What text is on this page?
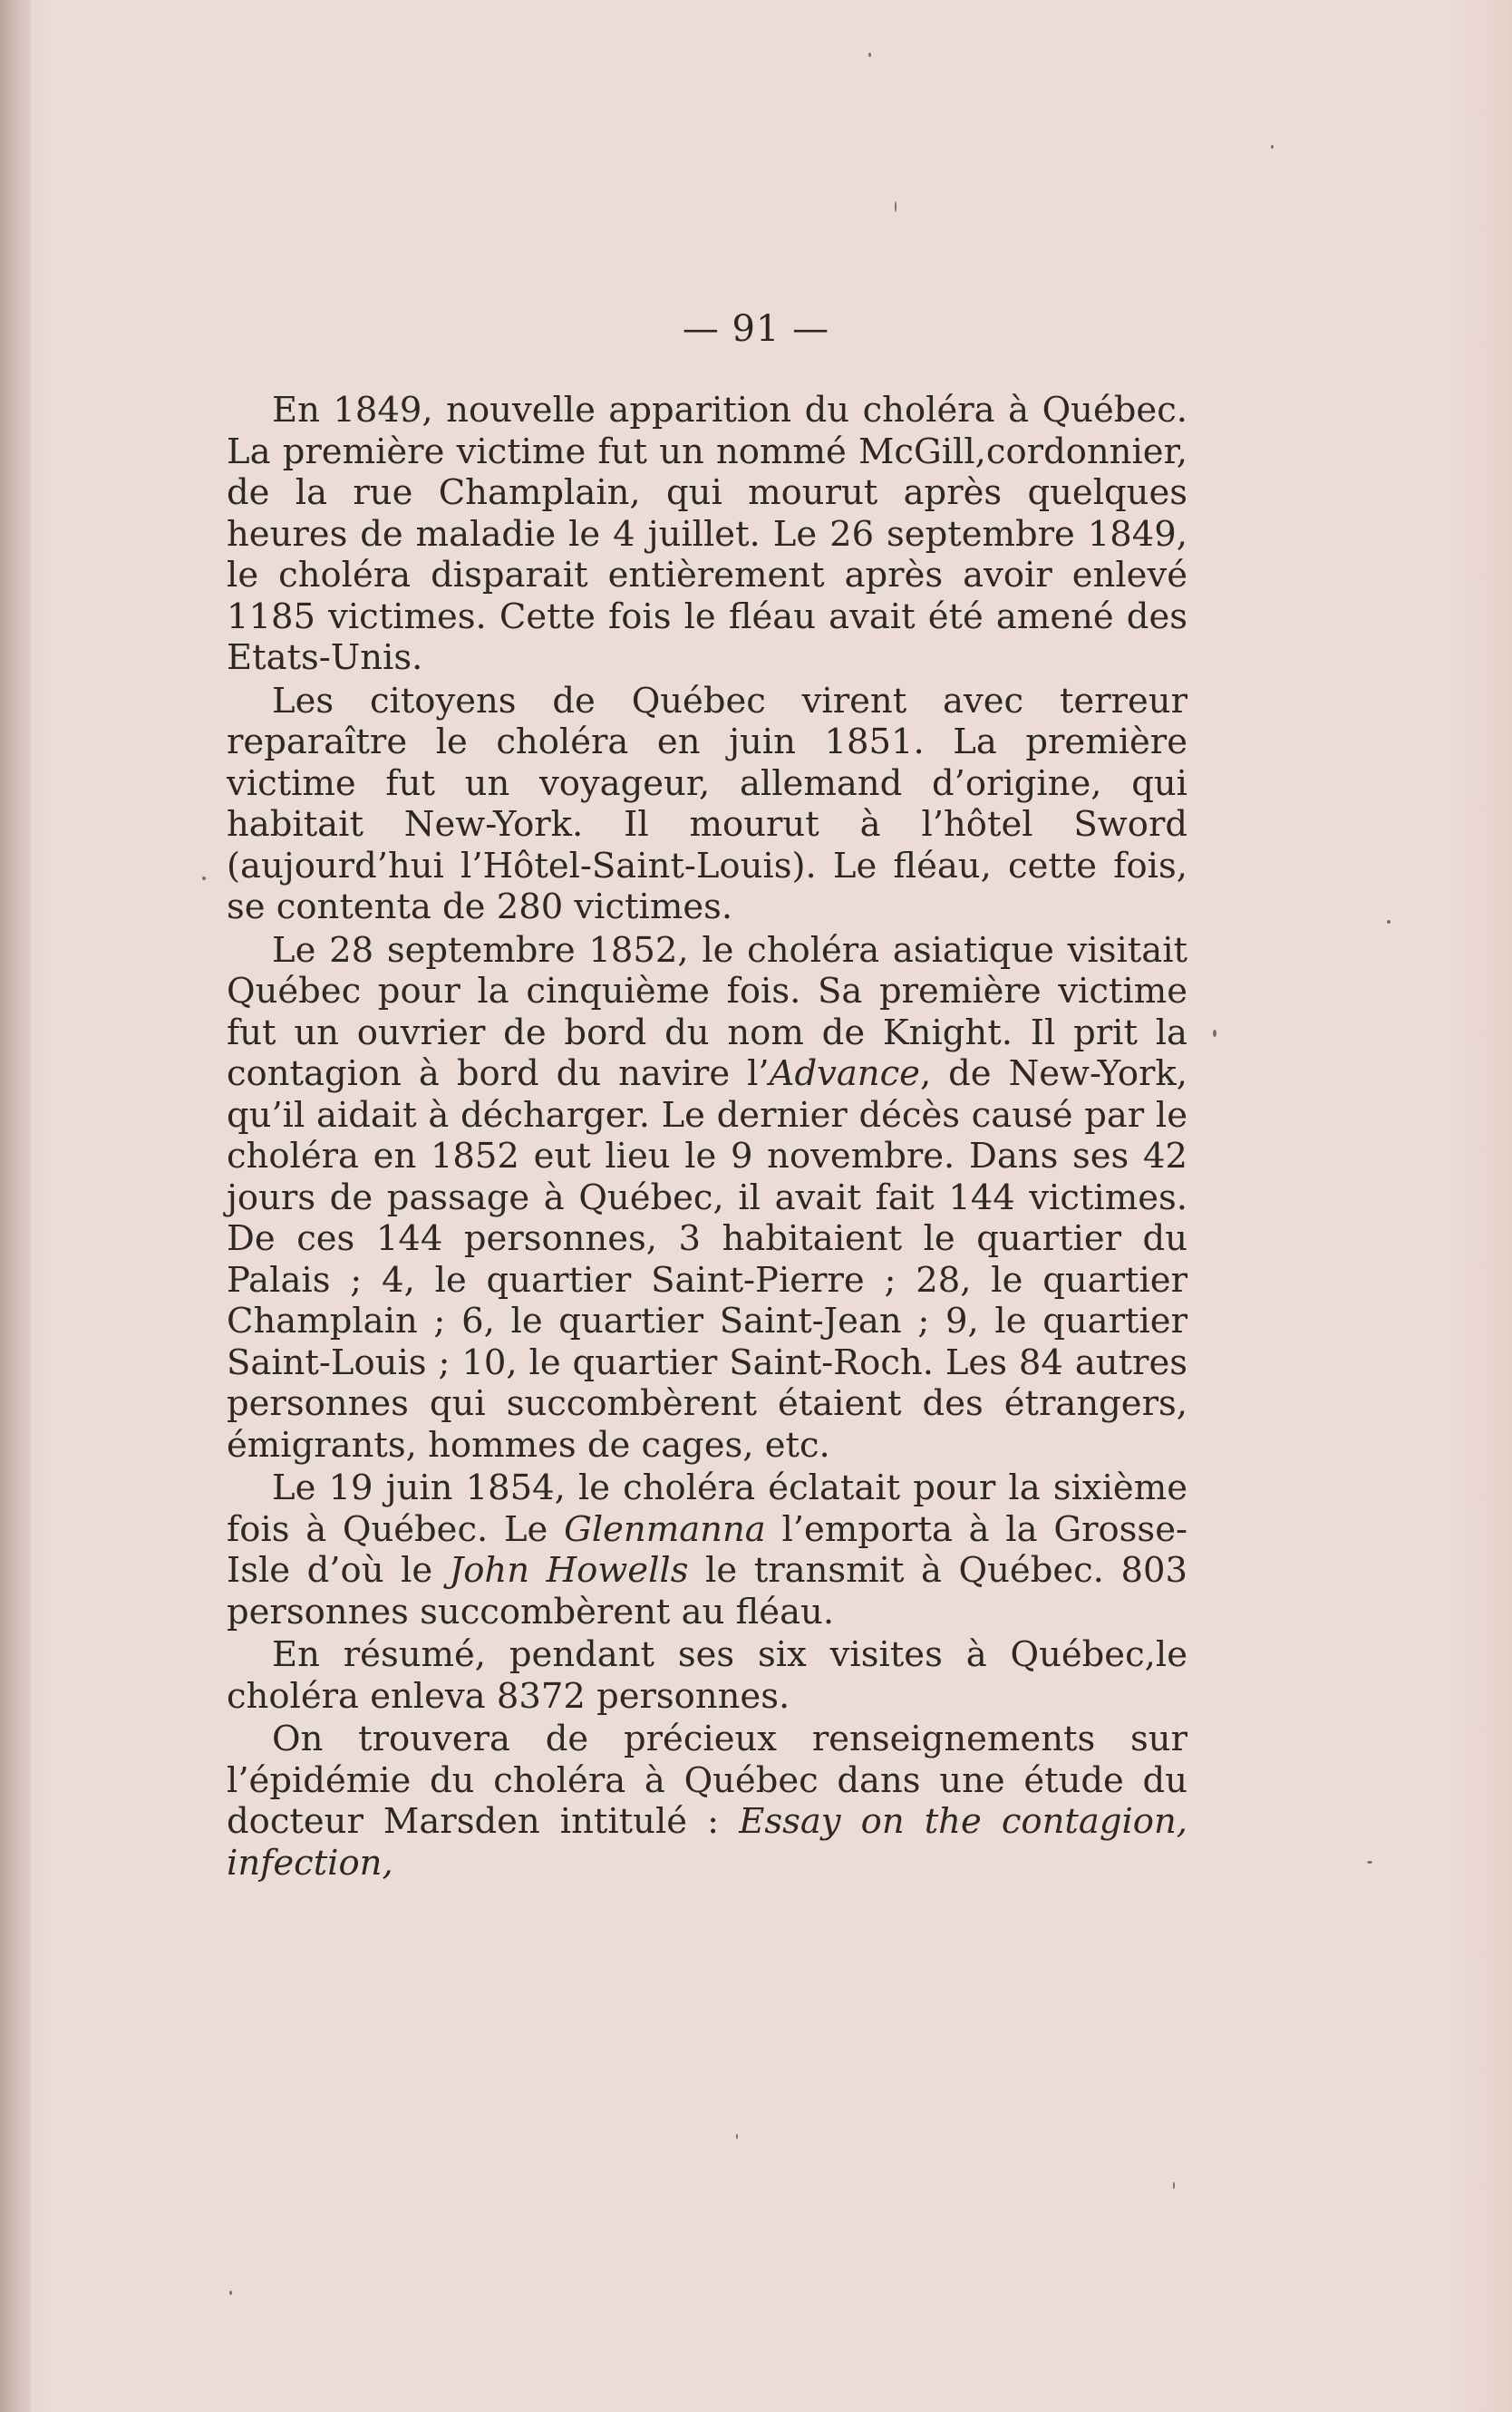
— 91 —

En 1849, nouvelle apparition du choléra à Québec. La première victime fut un nommé McGill,cordonnier, de la rue Champlain, qui mourut après quelques heures de maladie le 4 juillet. Le 26 septembre 1849, le choléra disparait entièrement après avoir enlevé 1185 victimes. Cette fois le fléau avait été amené des Etats-Unis.

Les citoyens de Québec virent avec terreur reparaître le choléra en juin 1851. La première victime fut un voyageur, allemand d’origine, qui habitait New-York. Il mourut à l’hôtel Sword (aujourd’hui l’Hôtel-Saint-Louis). Le fléau, cette fois, se contenta de 280 victimes.

Le 28 septembre 1852, le choléra asiatique visitait Québec pour la cinquième fois. Sa première victime fut un ouvrier de bord du nom de Knight. Il prit la contagion à bord du navire l’Advance, de New-York, qu’il aidait à décharger. Le dernier décès causé par le choléra en 1852 eut lieu le 9 novembre. Dans ses 42 jours de passage à Québec, il avait fait 144 victimes. De ces 144 personnes, 3 habitaient le quartier du Palais ; 4, le quartier Saint-Pierre ; 28, le quartier Champlain ; 6, le quartier Saint-Jean ; 9, le quartier Saint-Louis ; 10, le quartier Saint-Roch. Les 84 autres personnes qui succombèrent étaient des étrangers, émigrants, hommes de cages, etc.

Le 19 juin 1854, le choléra éclatait pour la sixième fois à Québec. Le Glenmanna l’emporta à la Grosse-Isle d’où le John Howells le transmit à Québec. 803 personnes succombèrent au fléau.

En résumé, pendant ses six visites à Québec,le choléra enleva 8372 personnes.

On trouvera de précieux renseignements sur l’épidémie du choléra à Québec dans une étude du docteur Marsden intitulé : Essay on the contagion, infection,
